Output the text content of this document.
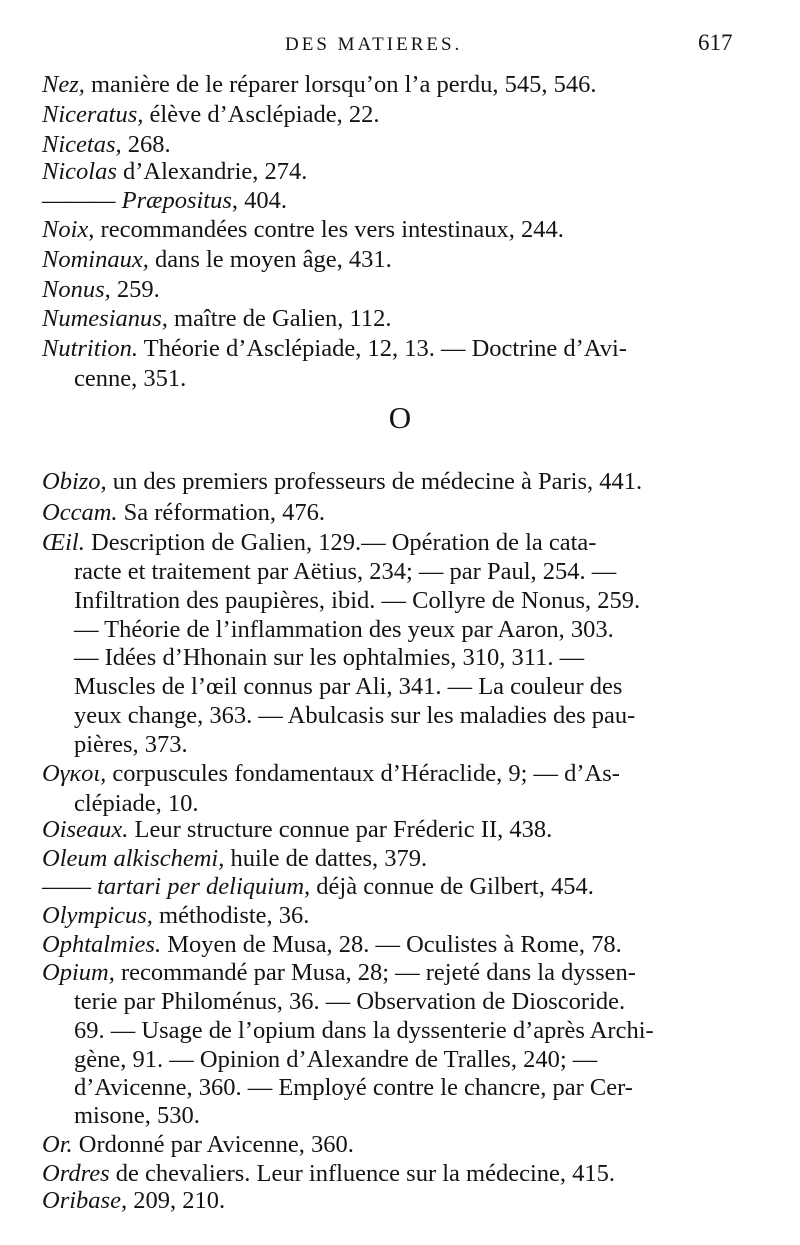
DES MATIERES.	617
O
Nez, manière de le réparer lorsqu’on l’a perdu, 545, 546.
Niceratus, élève d’Asclépiade, 22.
Nicetas, 268.
Nicolas d’Alexandrie, 274.
——— Præpositus, 404.
Noix, recommandées contre les vers intestinaux, 244.
Nominaux, dans le moyen âge, 431.
Nonus, 259.
Numesianus, maître de Galien, 112.
Nutrition. Théorie d’Asclépiade, 12, 13. — Doctrine d’Avi-
cenne, 351.
Obizo, un des premiers professeurs de médecine à Paris, 441.
Occam. Sa réformation, 476.
Œil. Description de Galien, 129.— Opération de la cata-
racte et traitement par Aëtius, 234; — par Paul, 254. —
Infiltration des paupières, ibid. — Collyre de Nonus, 259.
— Théorie de l’inflammation des yeux par Aaron, 303.
— Idées d’Hhonain sur les ophtalmies, 310, 311. —
Muscles de l’œil connus par Ali, 341. — La couleur des
yeux change, 363. — Abulcasis sur les maladies des pau-
pières, 373.
Ογκοι, corpuscules fondamentaux d’Héraclide, 9; — d’As-
clépiade, 10.
Oiseaux. Leur structure connue par Fréderic II, 438.
Oleum alkischemi, huile de dattes, 379.
—— tartari per deliquium, déjà connue de Gilbert, 454.
Olympicus, méthodiste, 36.
Ophtalmies. Moyen de Musa, 28. — Oculistes à Rome, 78.
Opium, recommandé par Musa, 28; — rejeté dans la dyssen-
terie par Philoménus, 36. — Observation de Dioscoride.
69. — Usage de l’opium dans la dyssenterie d’après Archi-
gène, 91. — Opinion d’Alexandre de Tralles, 240; —
d’Avicenne, 360. — Employé contre le chancre, par Cer-
misone, 530.
Or. Ordonné par Avicenne, 360.
Ordres de chevaliers. Leur influence sur la médecine, 415.
Oribase, 209, 210.
